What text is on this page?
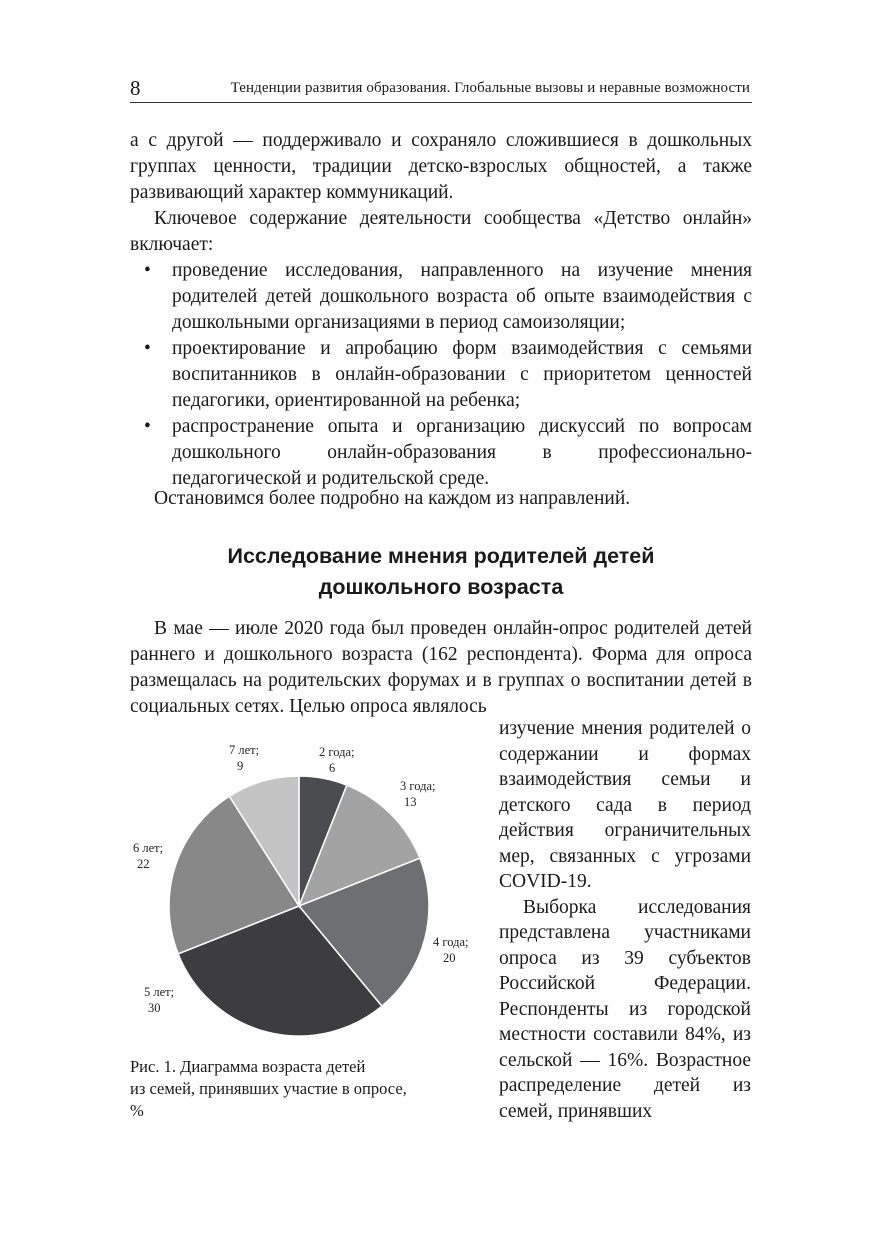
8	Тенденции развития образования. Глобальные вызовы и неравные возможности

а с другой — поддерживало и сохраняло сложившиеся в дошкольных группах ценности, традиции детско-взрослых общностей, а также развивающий характер коммуникаций.

Ключевое содержание деятельности сообщества «Детство онлайн» включает:

• проведение исследования, направленного на изучение мнения родителей детей дошкольного возраста об опыте взаимодействия с дошкольными организациями в период самоизоляции;
• проектирование и апробацию форм взаимодействия с семьями воспитанников в онлайн-образовании с приоритетом ценностей педагогики, ориентированной на ребенка;
• распространение опыта и организацию дискуссий по вопросам дошкольного онлайн-образования в профессионально-педагогической и родительской среде.

Остановимся более подробно на каждом из направлений.

Исследование мнения родителей детей
дошкольного возраста

В мае — июле 2020 года был проведен онлайн-опрос родителей детей раннего и дошкольного возраста (162 респондента). Форма для опроса размещалась на родительских форумах и в группах о воспитании детей в социальных сетях. Целью опроса являлось

изучение мнения родителей о содержании и формах взаимодействия семьи и детского сада в период действия ограничительных мер, связанных с угрозами COVID-19.

Выборка исследования представлена участниками опроса из 39 субъектов Российской Федерации. Респонденты из городской местности составили 84%, из сельской — 16%. Возрастное распределение детей из семей, принявших

2 года;
6
3 года;
13
4 года;
20
5 лет;
30
6 лет;
22
7 лет;
9

Рис. 1. Диаграмма возраста детей
из семей, принявших участие в опросе,
%
